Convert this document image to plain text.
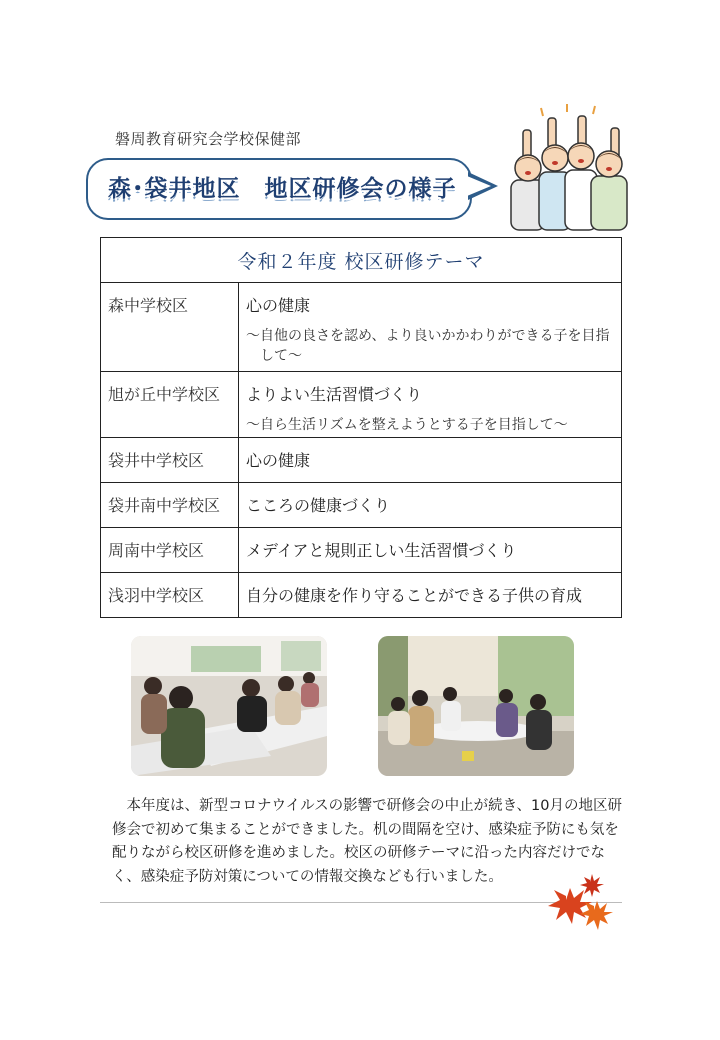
磐周教育研究会学校保健部
森･袋井地区　地区研修会の様子
令和２年度 校区研修テーマ	
森中学校区	心の健康
～自他の良さを認め、より良いかかわりができる子を目指して～

旭が丘中学校区	よりよい生活習慣づくり
～自ら生活リズムを整えようとする子を目指して～

袋井中学校区	心の健康

袋井南中学校区	こころの健康づくり

周南中学校区	メデイアと規則正しい生活習慣づくり

浅羽中学校区	自分の健康を作り守ることができる子供の育成

本年度は、新型コロナウイルスの影響で研修会の中止が続き、10月の地区研修会で初めて集まることができました。机の間隔を空け、感染症予防にも気を配りながら校区研修を進めました。校区の研修テーマに沿った内容だけでなく、感染症予防対策についての情報交換なども行いました。
